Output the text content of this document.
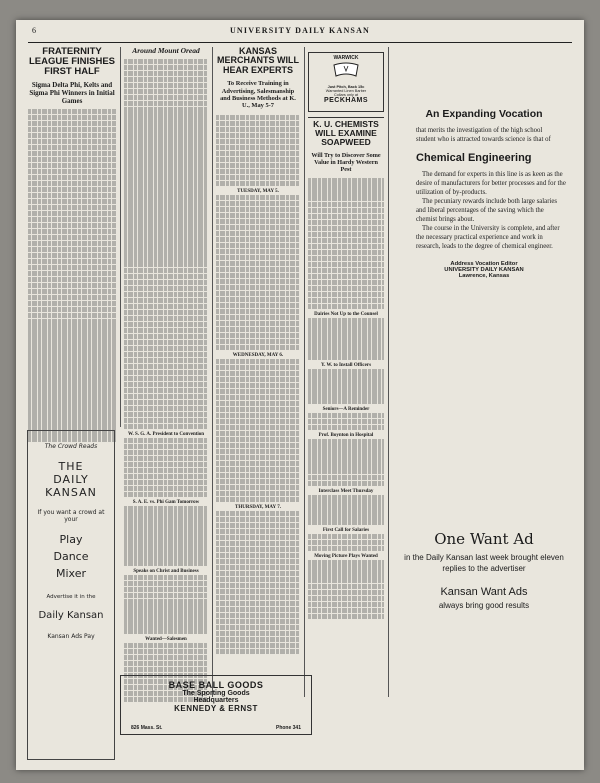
6	UNIVERSITY DAILY KANSAN
FRATERNITY LEAGUE FINISHES FIRST HALF
Sigma Delta Phi, Kelts and Sigma Phi Winners in Initial Games
The Crowd Reads
THE
DAILY
KANSAN
If you want a crowd at your
Play
Dance
Mixer
Advertise it in the
Daily Kansan
Kansan Ads Pay
Around Mount Oread
W. S. G. A. President to Convention
S. A. E. vs. Phi Gam Tomorrow
Speaks on Christ and Business
Wanted—Salesmen
KANSAS MERCHANTS WILL HEAR EXPERTS
To Receive Training in Advertising, Salesmanship and Business Methods at K. U., May 5-7
TUESDAY, MAY 5.
WEDNESDAY, MAY 6.
THURSDAY, MAY 7.
WARWICK
Just Pitch, Back 15c
Warranted Linen Barber
Collars only at
PECKHAMS
K. U. CHEMISTS WILL EXAMINE SOAPWEED
Will Try to Discover Some Value in Hardy Western Pest
Dairies Not Up to the Counsel
Y. W. to Install Officers
Seniors—A Reminder
Prof. Boynton in Hospital
Interclass Meet Thursday
First Call for Salaries
Moving Picture Plays Wanted
An Expanding Vocation
that merits the investigation of the high school student who is attracted towards science is that of
Chemical Engineering
The demand for experts in this line is as keen as the desire of manufacturers for better processes and for the utilization of by-products.
The pecuniary rewards include both large salaries and liberal percentages of the saving which the chemist brings about.
The course in the University is complete, and after the necessary practical experience and work in research, leads to the degree of chemical engineer.
Address Vocation Editor
UNIVERSITY DAILY KANSAN
Lawrence, Kansas
One Want Ad
in the Daily Kansan last week brought eleven replies to the advertiser
Kansan Want Ads
always bring good results
BASE BALL GOODS
The Sporting Goods
Headquarters
KENNEDY & ERNST
826 Mass. St.	Phone 341
